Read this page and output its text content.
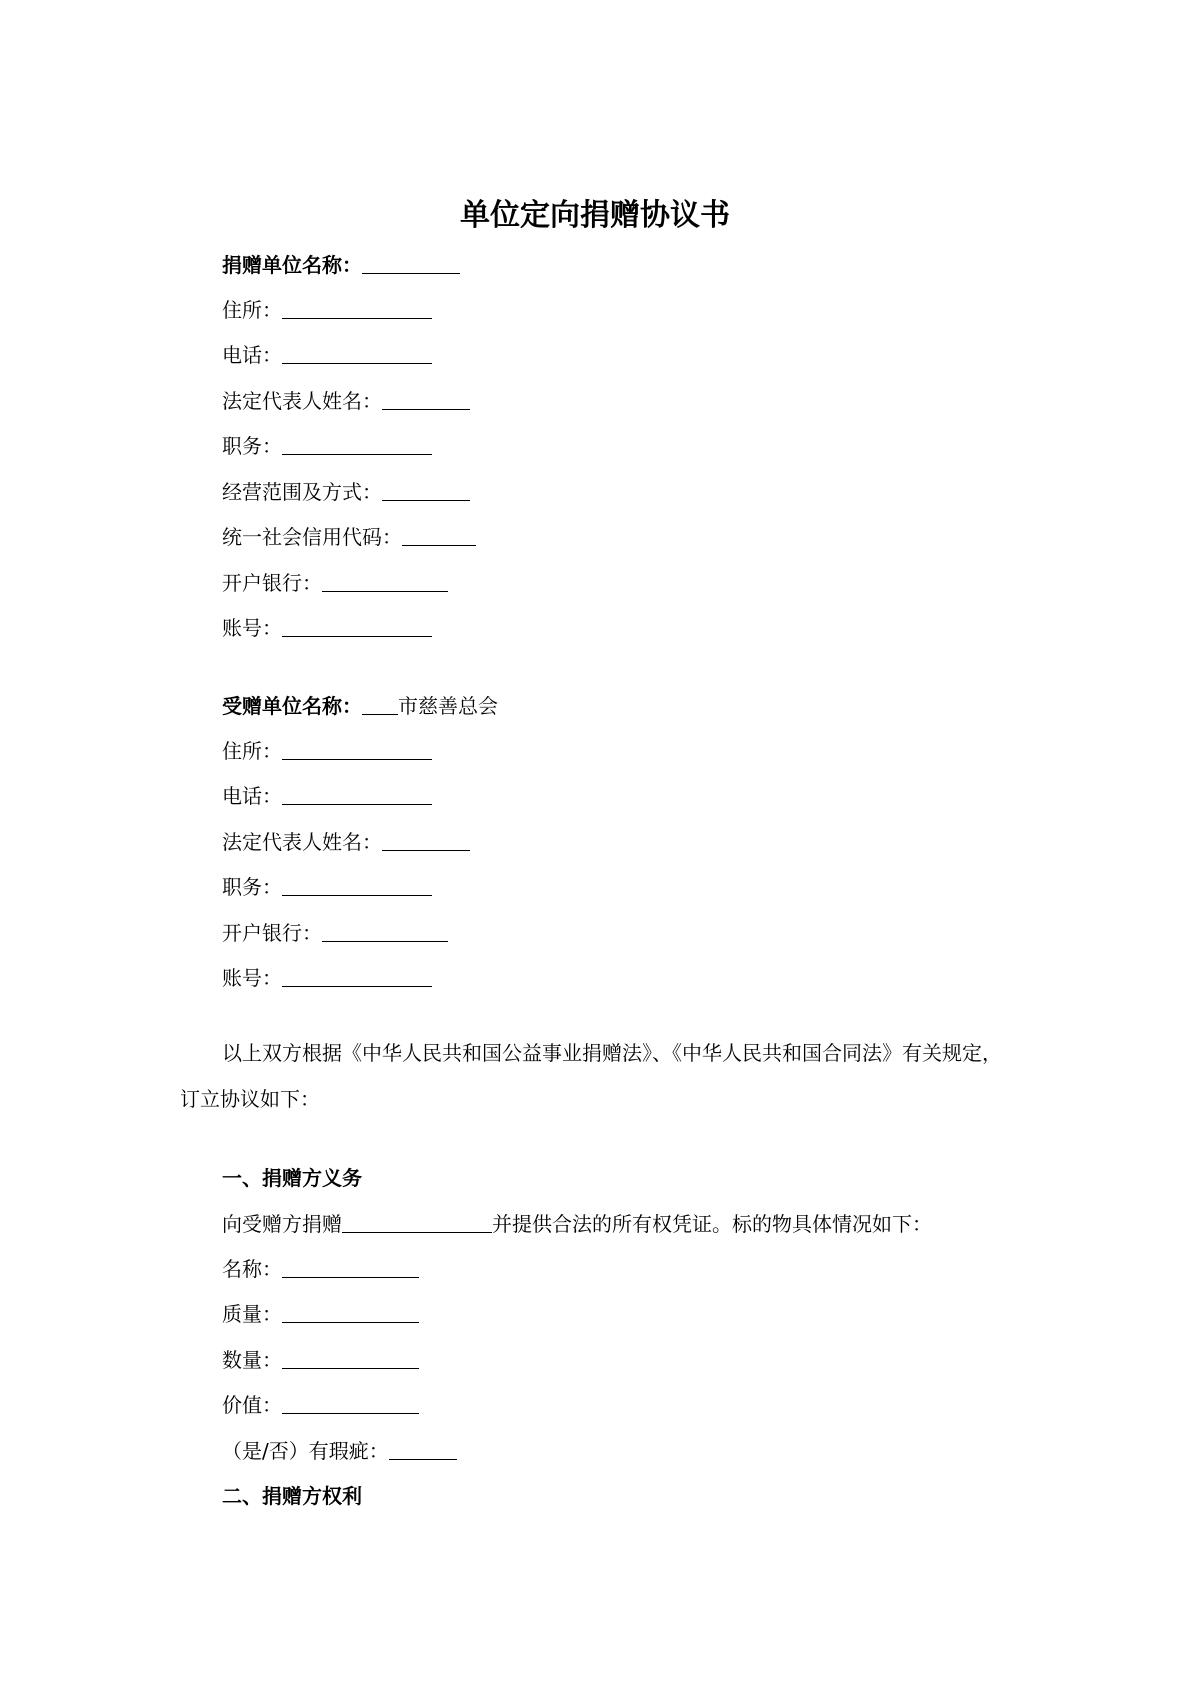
单位定向捐赠协议书
捐赠单位名称：
住所：
电话：
法定代表人姓名：
职务：
经营范围及方式：
统一社会信用代码：
开户银行：
账号：
受赠单位名称： 市慈善总会
住所：
电话：
法定代表人姓名：
职务：
开户银行：
账号：
以上双方根据《中华人民共和国公益事业捐赠法》、《中华人民共和国合同法》有关规定，订立协议如下：
一、捐赠方义务
向受赠方捐赠	并提供合法的所有权凭证。标的物具体情况如下：
名称：
质量：
数量：
价值：
（是/否）有瑕疵：
二、捐赠方权利
